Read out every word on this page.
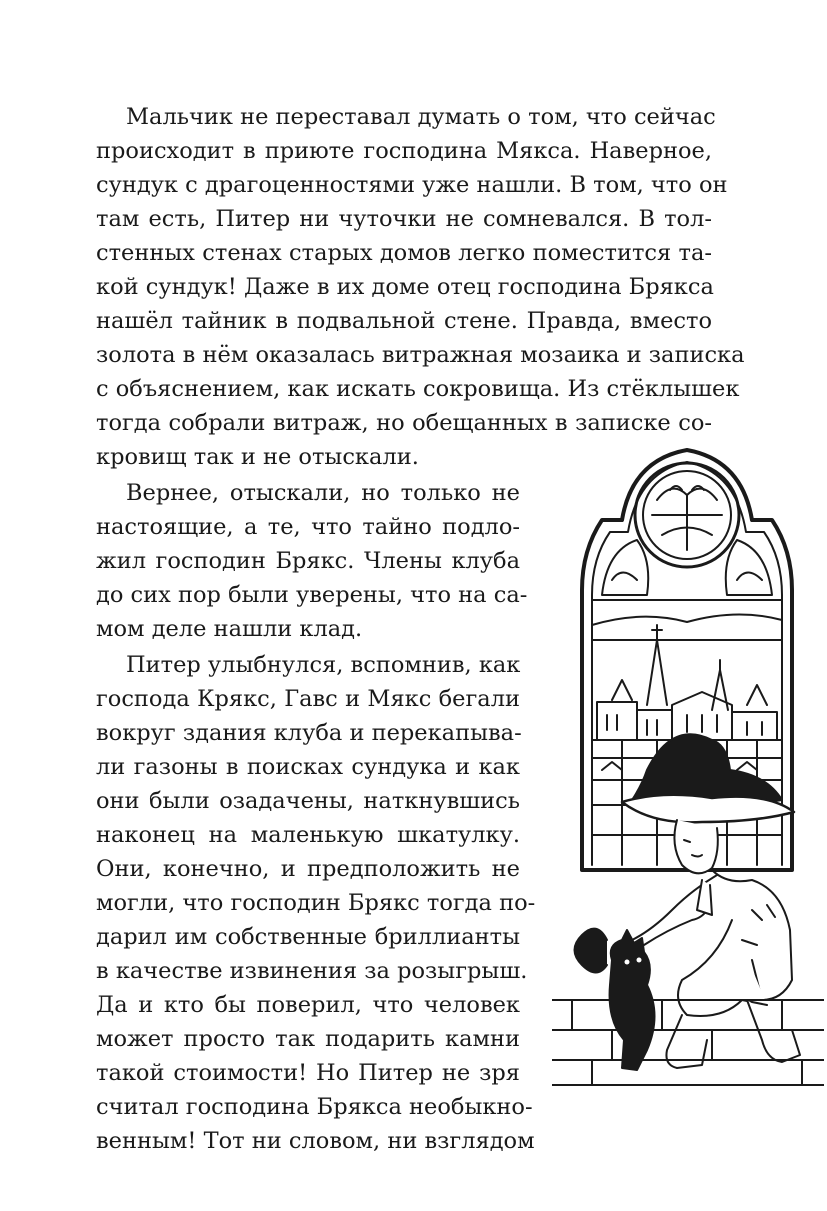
Мальчик не переставал думать о том, что сейчас
происходит в приюте господина Мякса. Наверное,
сундук с драгоценностями уже нашли. В том, что он
там есть, Питер ни чуточки не сомневался. В тол-
стенных стенах старых домов легко поместится та-
кой сундук! Даже в их доме отец господина Брякса
нашёл тайник в подвальной стене. Правда, вместо
золота в нём оказалась витражная мозаика и записка
с объяснением, как искать сокровища. Из стёклышек
тогда собрали витраж, но обещанных в записке со-
кровищ так и не отыскали.
Вернее, отыскали, но только не
настоящие, а те, что тайно подло-
жил господин Брякс. Члены клуба
до сих пор были уверены, что на са-
мом деле нашли клад.
Питер улыбнулся, вспомнив, как
господа Крякс, Гавс и Мякс бегали
вокруг здания клуба и перекапыва-
ли газоны в поисках сундука и как
они были озадачены, наткнувшись
наконец на маленькую шкатулку.
Они, конечно, и предположить не
могли, что господин Брякс тогда по-
дарил им собственные бриллианты
в качестве извинения за розыгрыш.
Да и кто бы поверил, что человек
может просто так подарить камни
такой стоимости! Но Питер не зря
считал господина Брякса необыкно-
венным! Тот ни словом, ни взглядом
